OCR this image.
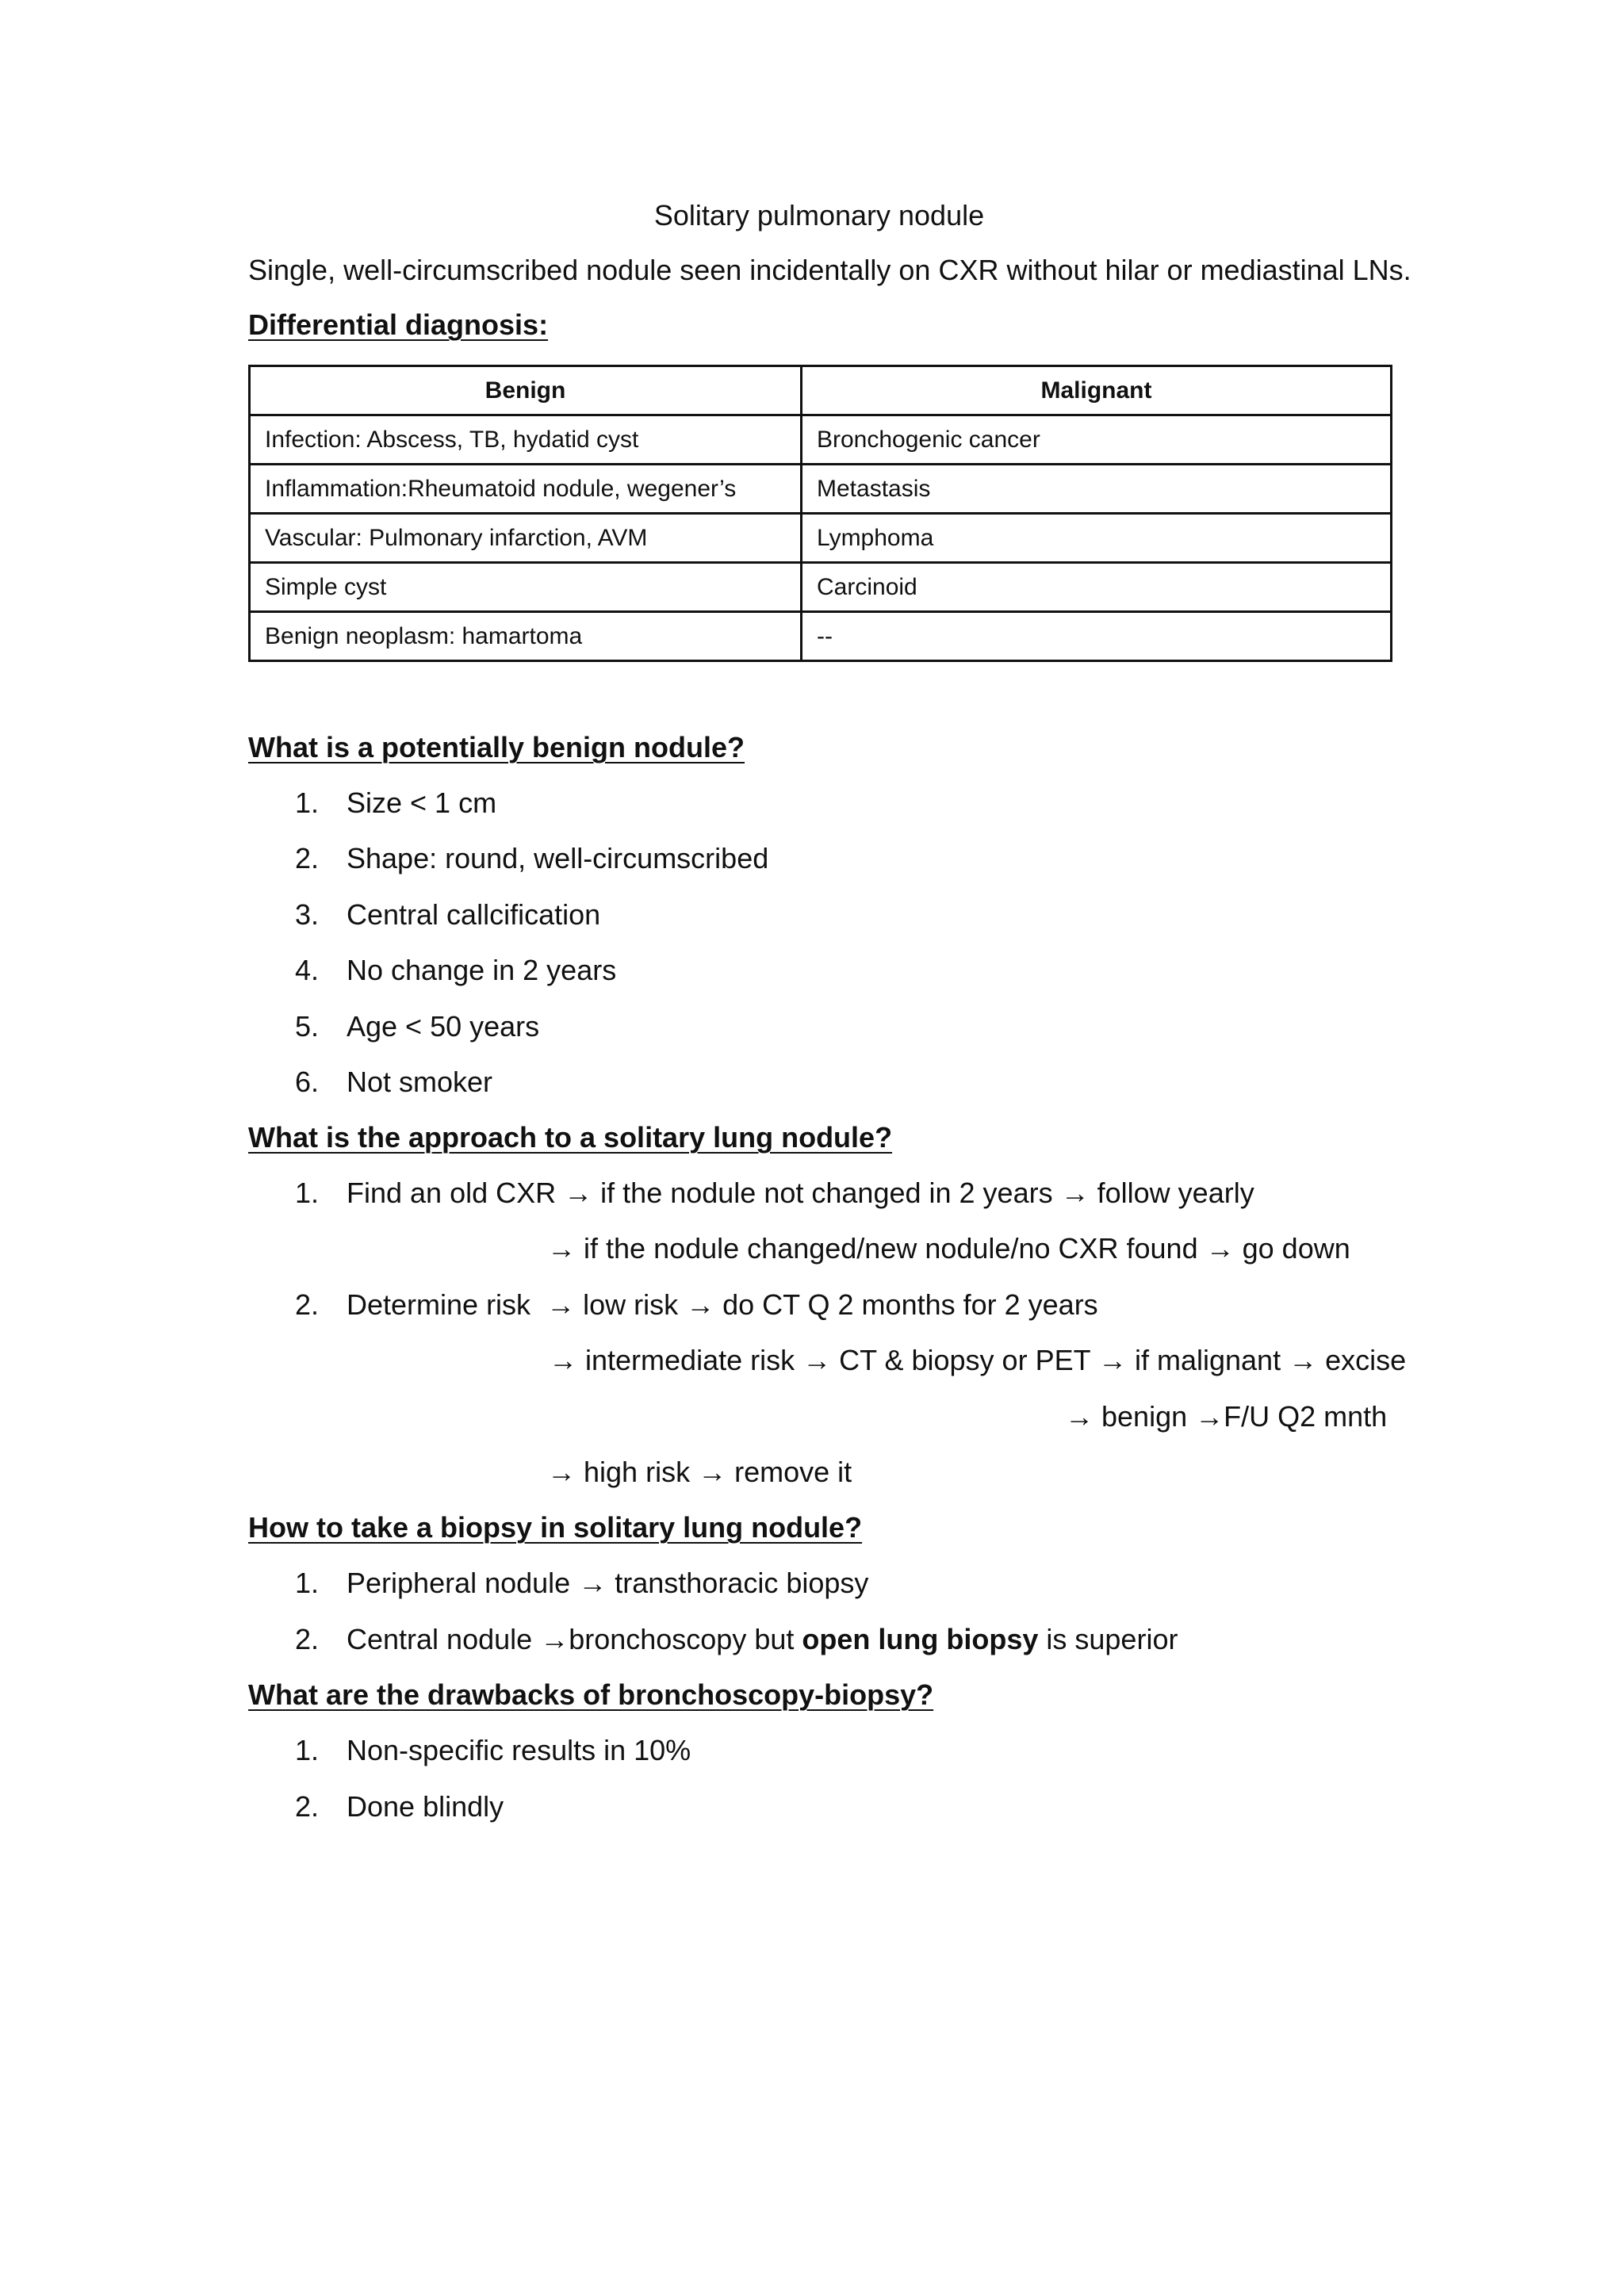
Solitary pulmonary nodule
Single, well-circumscribed nodule seen incidentally on CXR without hilar or mediastinal LNs.
Differential diagnosis:
Benign	Malignant
Infection: Abscess, TB, hydatid cyst	Bronchogenic cancer
Inflammation:Rheumatoid nodule, wegener’s	Metastasis
Vascular: Pulmonary infarction, AVM	Lymphoma
Simple cyst	Carcinoid
Benign neoplasm: hamartoma	--
What is a potentially benign nodule?
1. Size < 1 cm
2. Shape: round, well-circumscribed
3. Central callcification
4. No change in 2 years
5. Age < 50 years
6. Not smoker
What is the approach to a solitary lung nodule?
1. Find an old CXR → if the nodule not changed in 2 years → follow yearly
→ if the nodule changed/new nodule/no CXR found → go down
2. Determine risk → low risk → do CT Q 2 months for 2 years
→ intermediate risk → CT & biopsy or PET → if malignant → excise
→ benign →F/U Q2 mnth
→ high risk → remove it
How to take a biopsy in solitary lung nodule?
1. Peripheral nodule → transthoracic biopsy
2. Central nodule →bronchoscopy but open lung biopsy is superior
What are the drawbacks of bronchoscopy-biopsy?
1. Non-specific results in 10%
2. Done blindly
